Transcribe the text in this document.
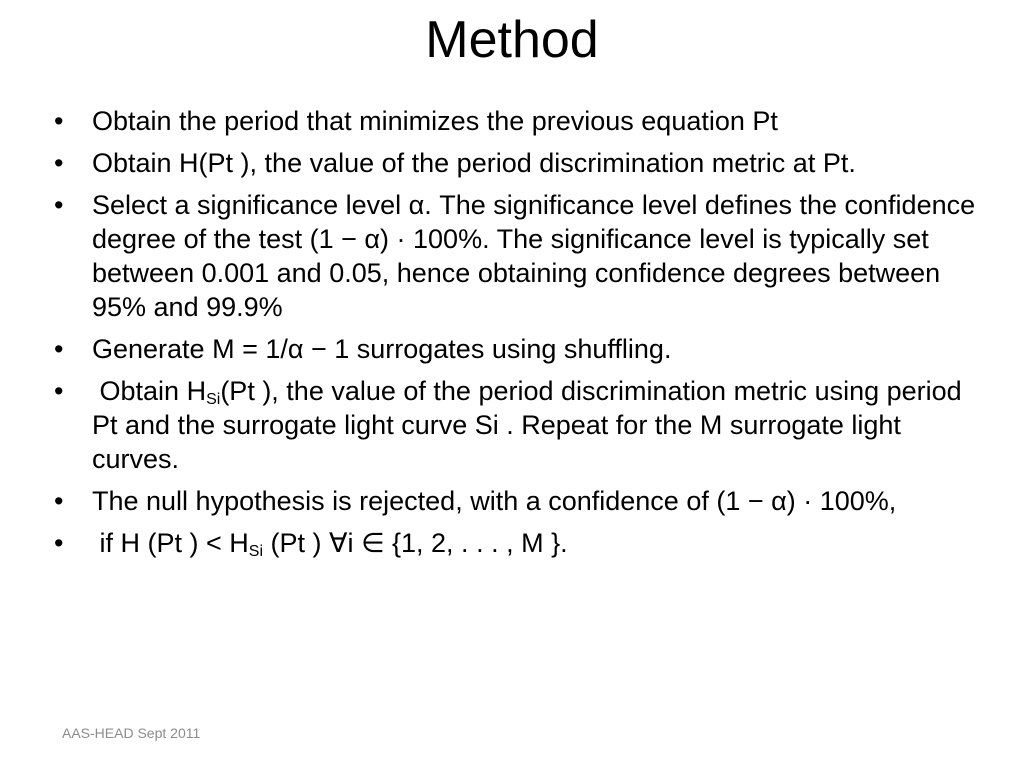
Method
•	Obtain the period that minimizes the previous equation Pt
•	Obtain H(Pt ), the value of the period discrimination metric at Pt.
•	Select a significance level α. The significance level defines the confidence degree of the test (1 − α) · 100%. The significance level is typically set between 0.001 and 0.05, hence obtaining confidence degrees between 95% and 99.9%
•	Generate M = 1/α − 1 surrogates using shuffling.
•	Obtain $H_{Si}(Pt$ ), the value of the period discrimination metric using period Pt and the surrogate light curve Si . Repeat for the M surrogate light curves.
•	The null hypothesis is rejected, with a confidence of (1 − α) · 100%,
•	if H (Pt ) < $H_{Si}$ (Pt ) ∀i ∈ {1, 2, . . . , M }.
AAS-HEAD Sept 2011
